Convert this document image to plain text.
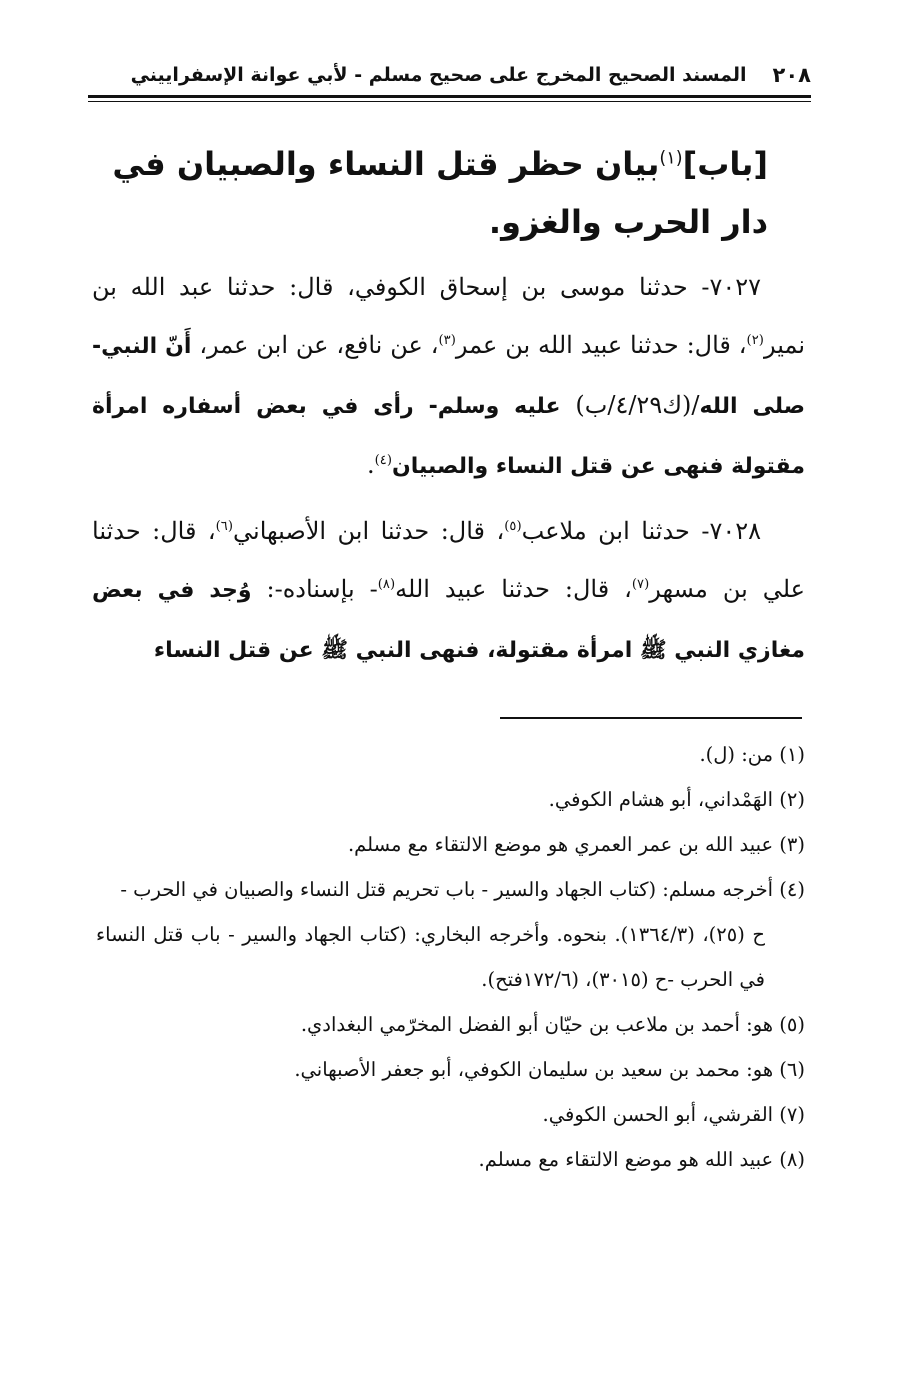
٢٠٨
المسند الصحيح المخرج على صحيح مسلم - لأبي عوانة الإسفراييني
[باب]$^{(١)}$بيان حظر قتل النساء والصبيان في دار الحرب والغزو.

٧٠٢٧- حدثنا موسى بن إسحاق الكوفي، قال: حدثنا عبد الله بن نمير$^{(٢)}$، قال: حدثنا عبيد الله بن عمر$^{(٣)}$، عن نافع، عن ابن عمر، أَنّ النبي-صلى الله/(ك٤/٢٩/ب) عليه وسلم- رأى في بعض أسفاره امرأة مقتولة فنهى عن قتل النساء والصبيان$^{(٤)}$.

٧٠٢٨- حدثنا ابن ملاعب$^{(٥)}$، قال: حدثنا ابن الأصبهاني$^{(٦)}$، قال: حدثنا علي بن مسهر$^{(٧)}$، قال: حدثنا عبيد الله$^{(٨)}$- بإسناده-: وُجد في بعض مغازي النبي ﷺ امرأة مقتولة، فنهى النبي ﷺ عن قتل النساء

(١) من: (ل).

(٢) الهَمْداني، أبو هشام الكوفي.

(٣) عبيد الله بن عمر العمري هو موضع الالتقاء مع مسلم.

(٤) أخرجه مسلم: (كتاب الجهاد والسير - باب تحريم قتل النساء والصبيان في الحرب -
ح (٢٥)، (١٣٦٤/٣). بنحوه. وأخرجه البخاري: (كتاب الجهاد والسير - باب قتل النساء في الحرب -ح (٣٠١٥)، (١٧٢/٦فتح).

(٥) هو: أحمد بن ملاعب بن حيّان أبو الفضل المخرّمي البغدادي.

(٦) هو: محمد بن سعيد بن سليمان الكوفي، أبو جعفر الأصبهاني.

(٧) القرشي، أبو الحسن الكوفي.

(٨) عبيد الله هو موضع الالتقاء مع مسلم.
